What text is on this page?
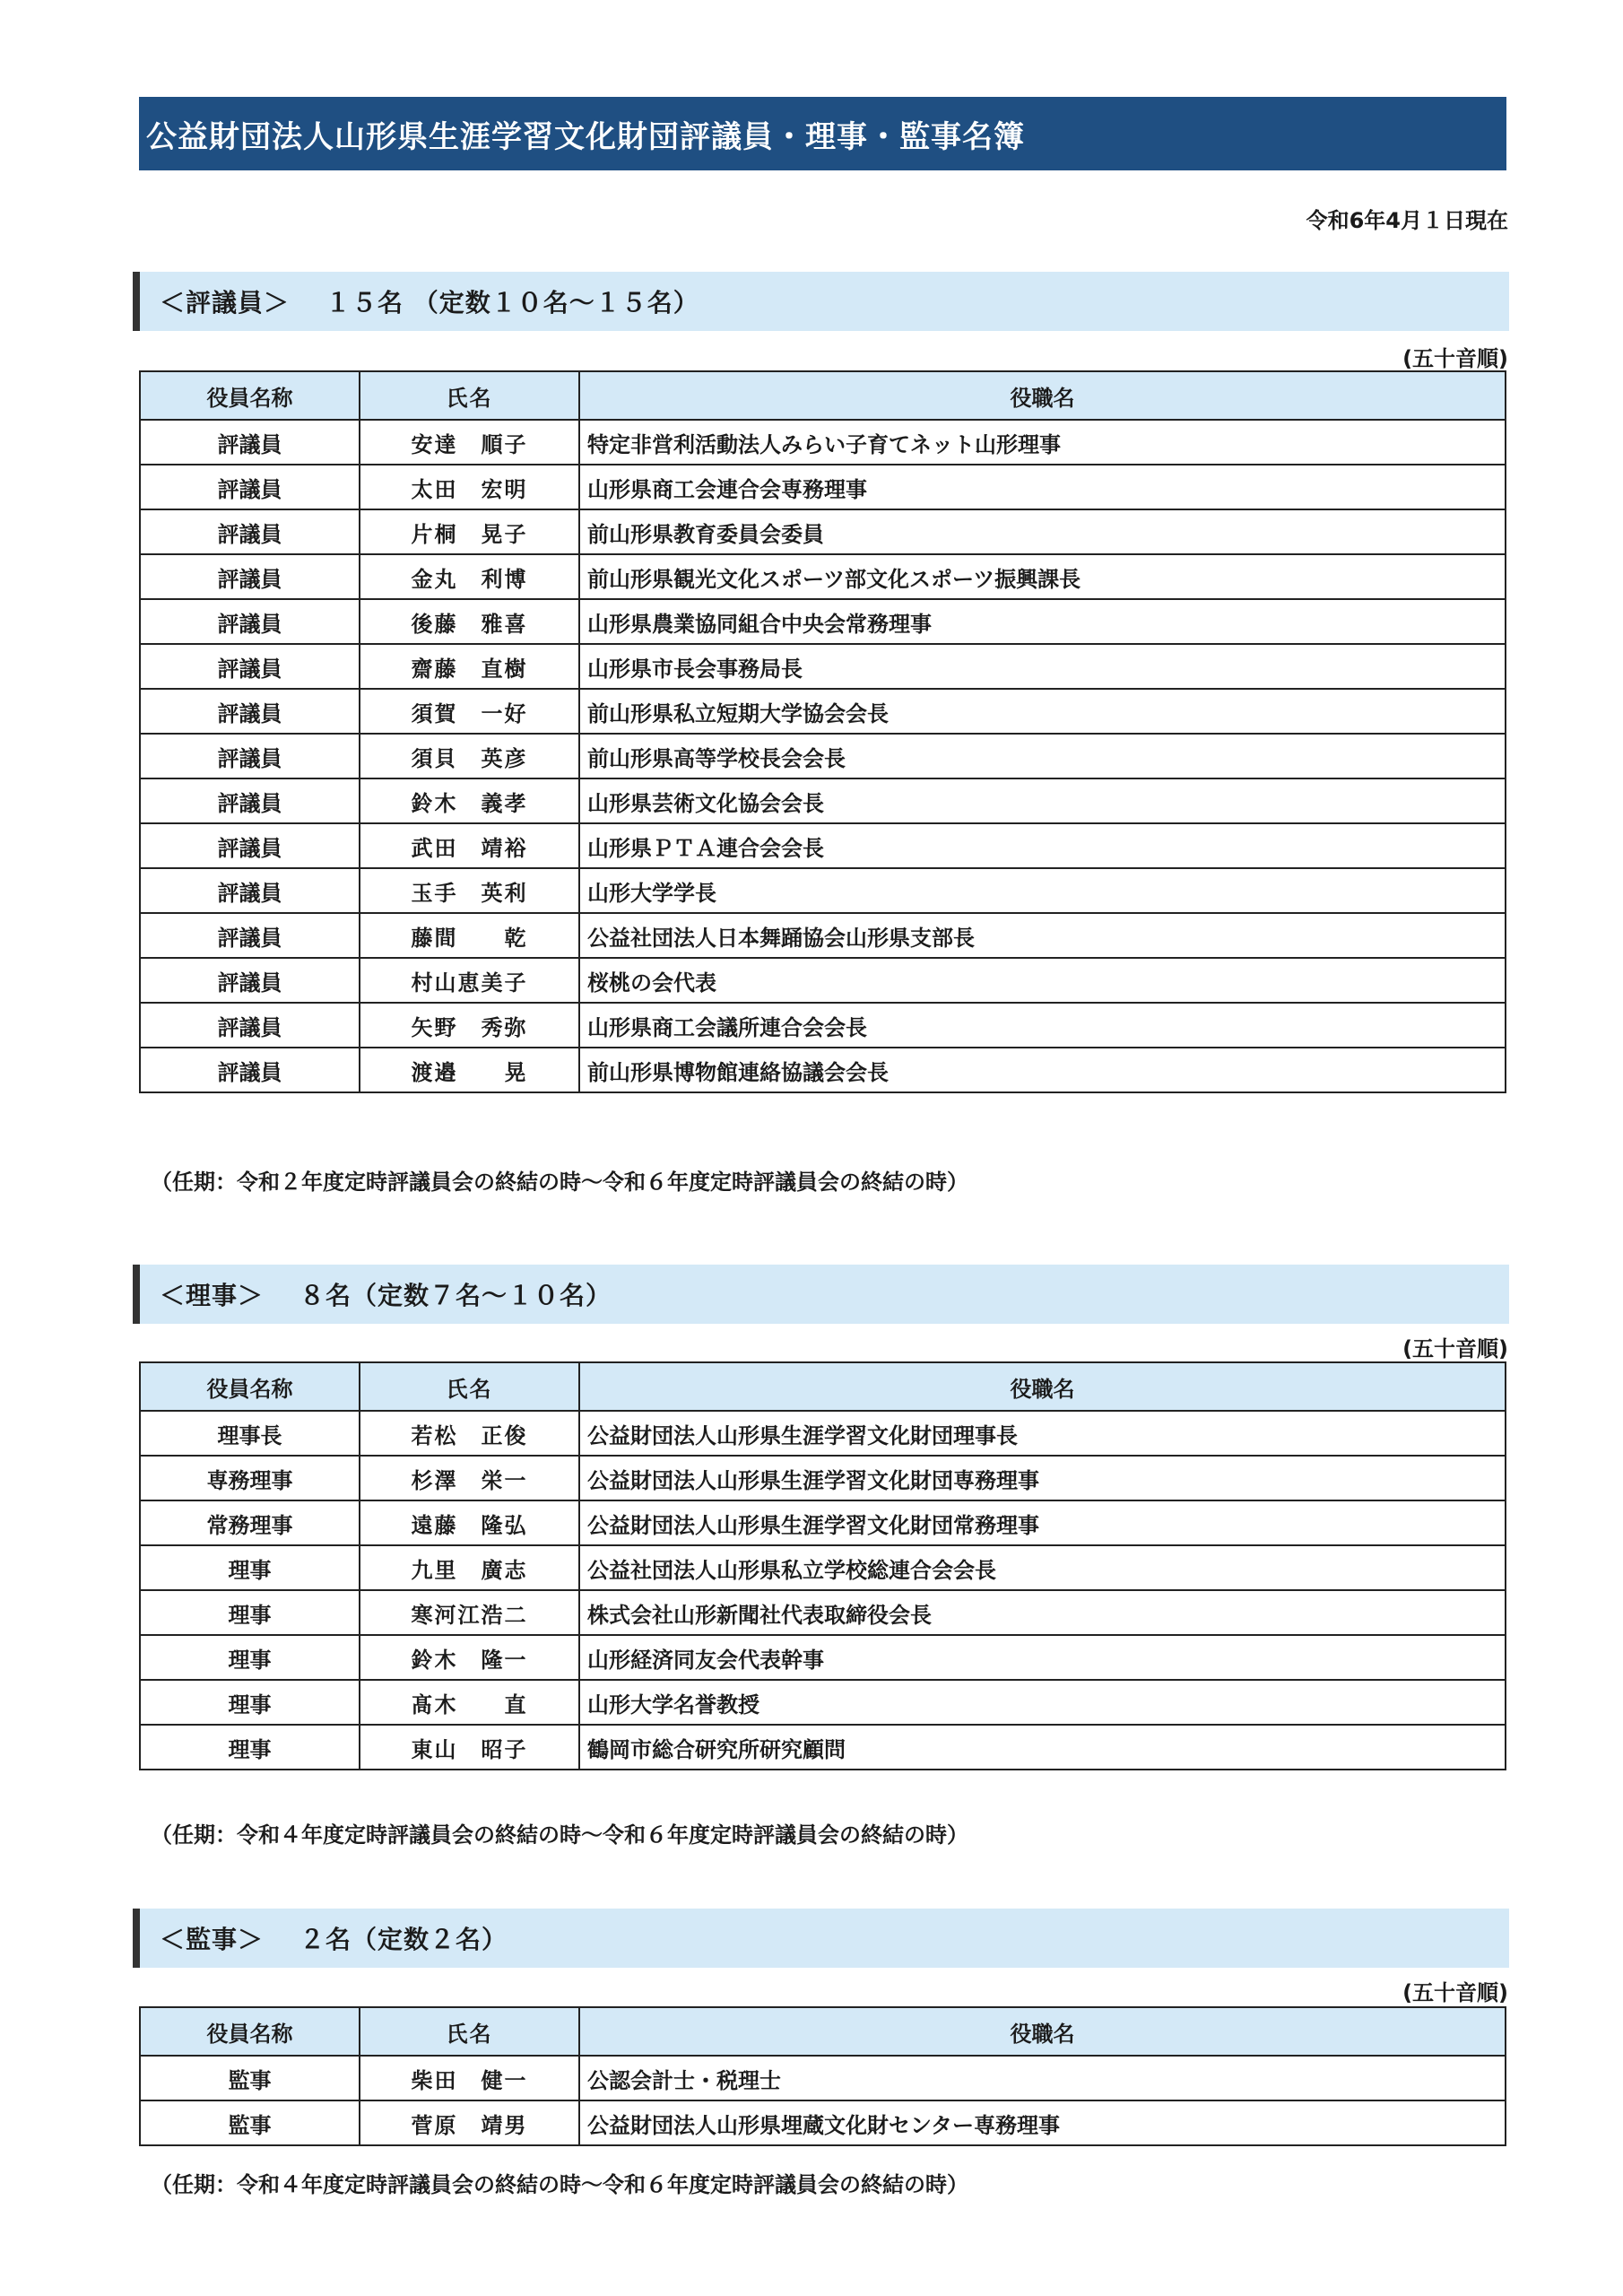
公益財団法人山形県生涯学習文化財団評議員・理事・監事名簿
令和6年4月１日現在
＜評議員＞ １５名 （定数１０名～１５名）
(五十音順)
役員名称	氏名	役職名
評議員	安達　順子	特定非営利活動法人みらい子育てネット山形理事
評議員	太田　宏明	山形県商工会連合会専務理事
評議員	片桐　晃子	前山形県教育委員会委員
評議員	金丸　利博	前山形県観光文化スポーツ部文化スポーツ振興課長
評議員	後藤　雅喜	山形県農業協同組合中央会常務理事
評議員	齋藤　直樹	山形県市長会事務局長
評議員	須賀　一好	前山形県私立短期大学協会会長
評議員	須貝　英彦	前山形県高等学校長会会長
評議員	鈴木　義孝	山形県芸術文化協会会長
評議員	武田　靖裕	山形県ＰＴＡ連合会会長
評議員	玉手　英利	山形大学学長
評議員	藤間　　乾	公益社団法人日本舞踊協会山形県支部長
評議員	村山恵美子	桜桃の会代表
評議員	矢野　秀弥	山形県商工会議所連合会会長
評議員	渡邉　　晃	前山形県博物館連絡協議会会長
（任期：令和２年度定時評議員会の終結の時～令和６年度定時評議員会の終結の時）
＜理事＞ ８名（定数７名～１０名）
(五十音順)
役員名称	氏名	役職名
理事長	若松　正俊	公益財団法人山形県生涯学習文化財団理事長
専務理事	杉澤　栄一	公益財団法人山形県生涯学習文化財団専務理事
常務理事	遠藤　隆弘	公益財団法人山形県生涯学習文化財団常務理事
理事	九里　廣志	公益社団法人山形県私立学校総連合会会長
理事	寒河江浩二	株式会社山形新聞社代表取締役会長
理事	鈴木　隆一	山形経済同友会代表幹事
理事	髙木　　直	山形大学名誉教授
理事	東山　昭子	鶴岡市総合研究所研究顧問
（任期：令和４年度定時評議員会の終結の時～令和６年度定時評議員会の終結の時）
＜監事＞ ２名（定数２名）
(五十音順)
役員名称	氏名	役職名
監事	柴田　健一	公認会計士・税理士
監事	菅原　靖男	公益財団法人山形県埋蔵文化財センター専務理事
（任期：令和４年度定時評議員会の終結の時～令和６年度定時評議員会の終結の時）
